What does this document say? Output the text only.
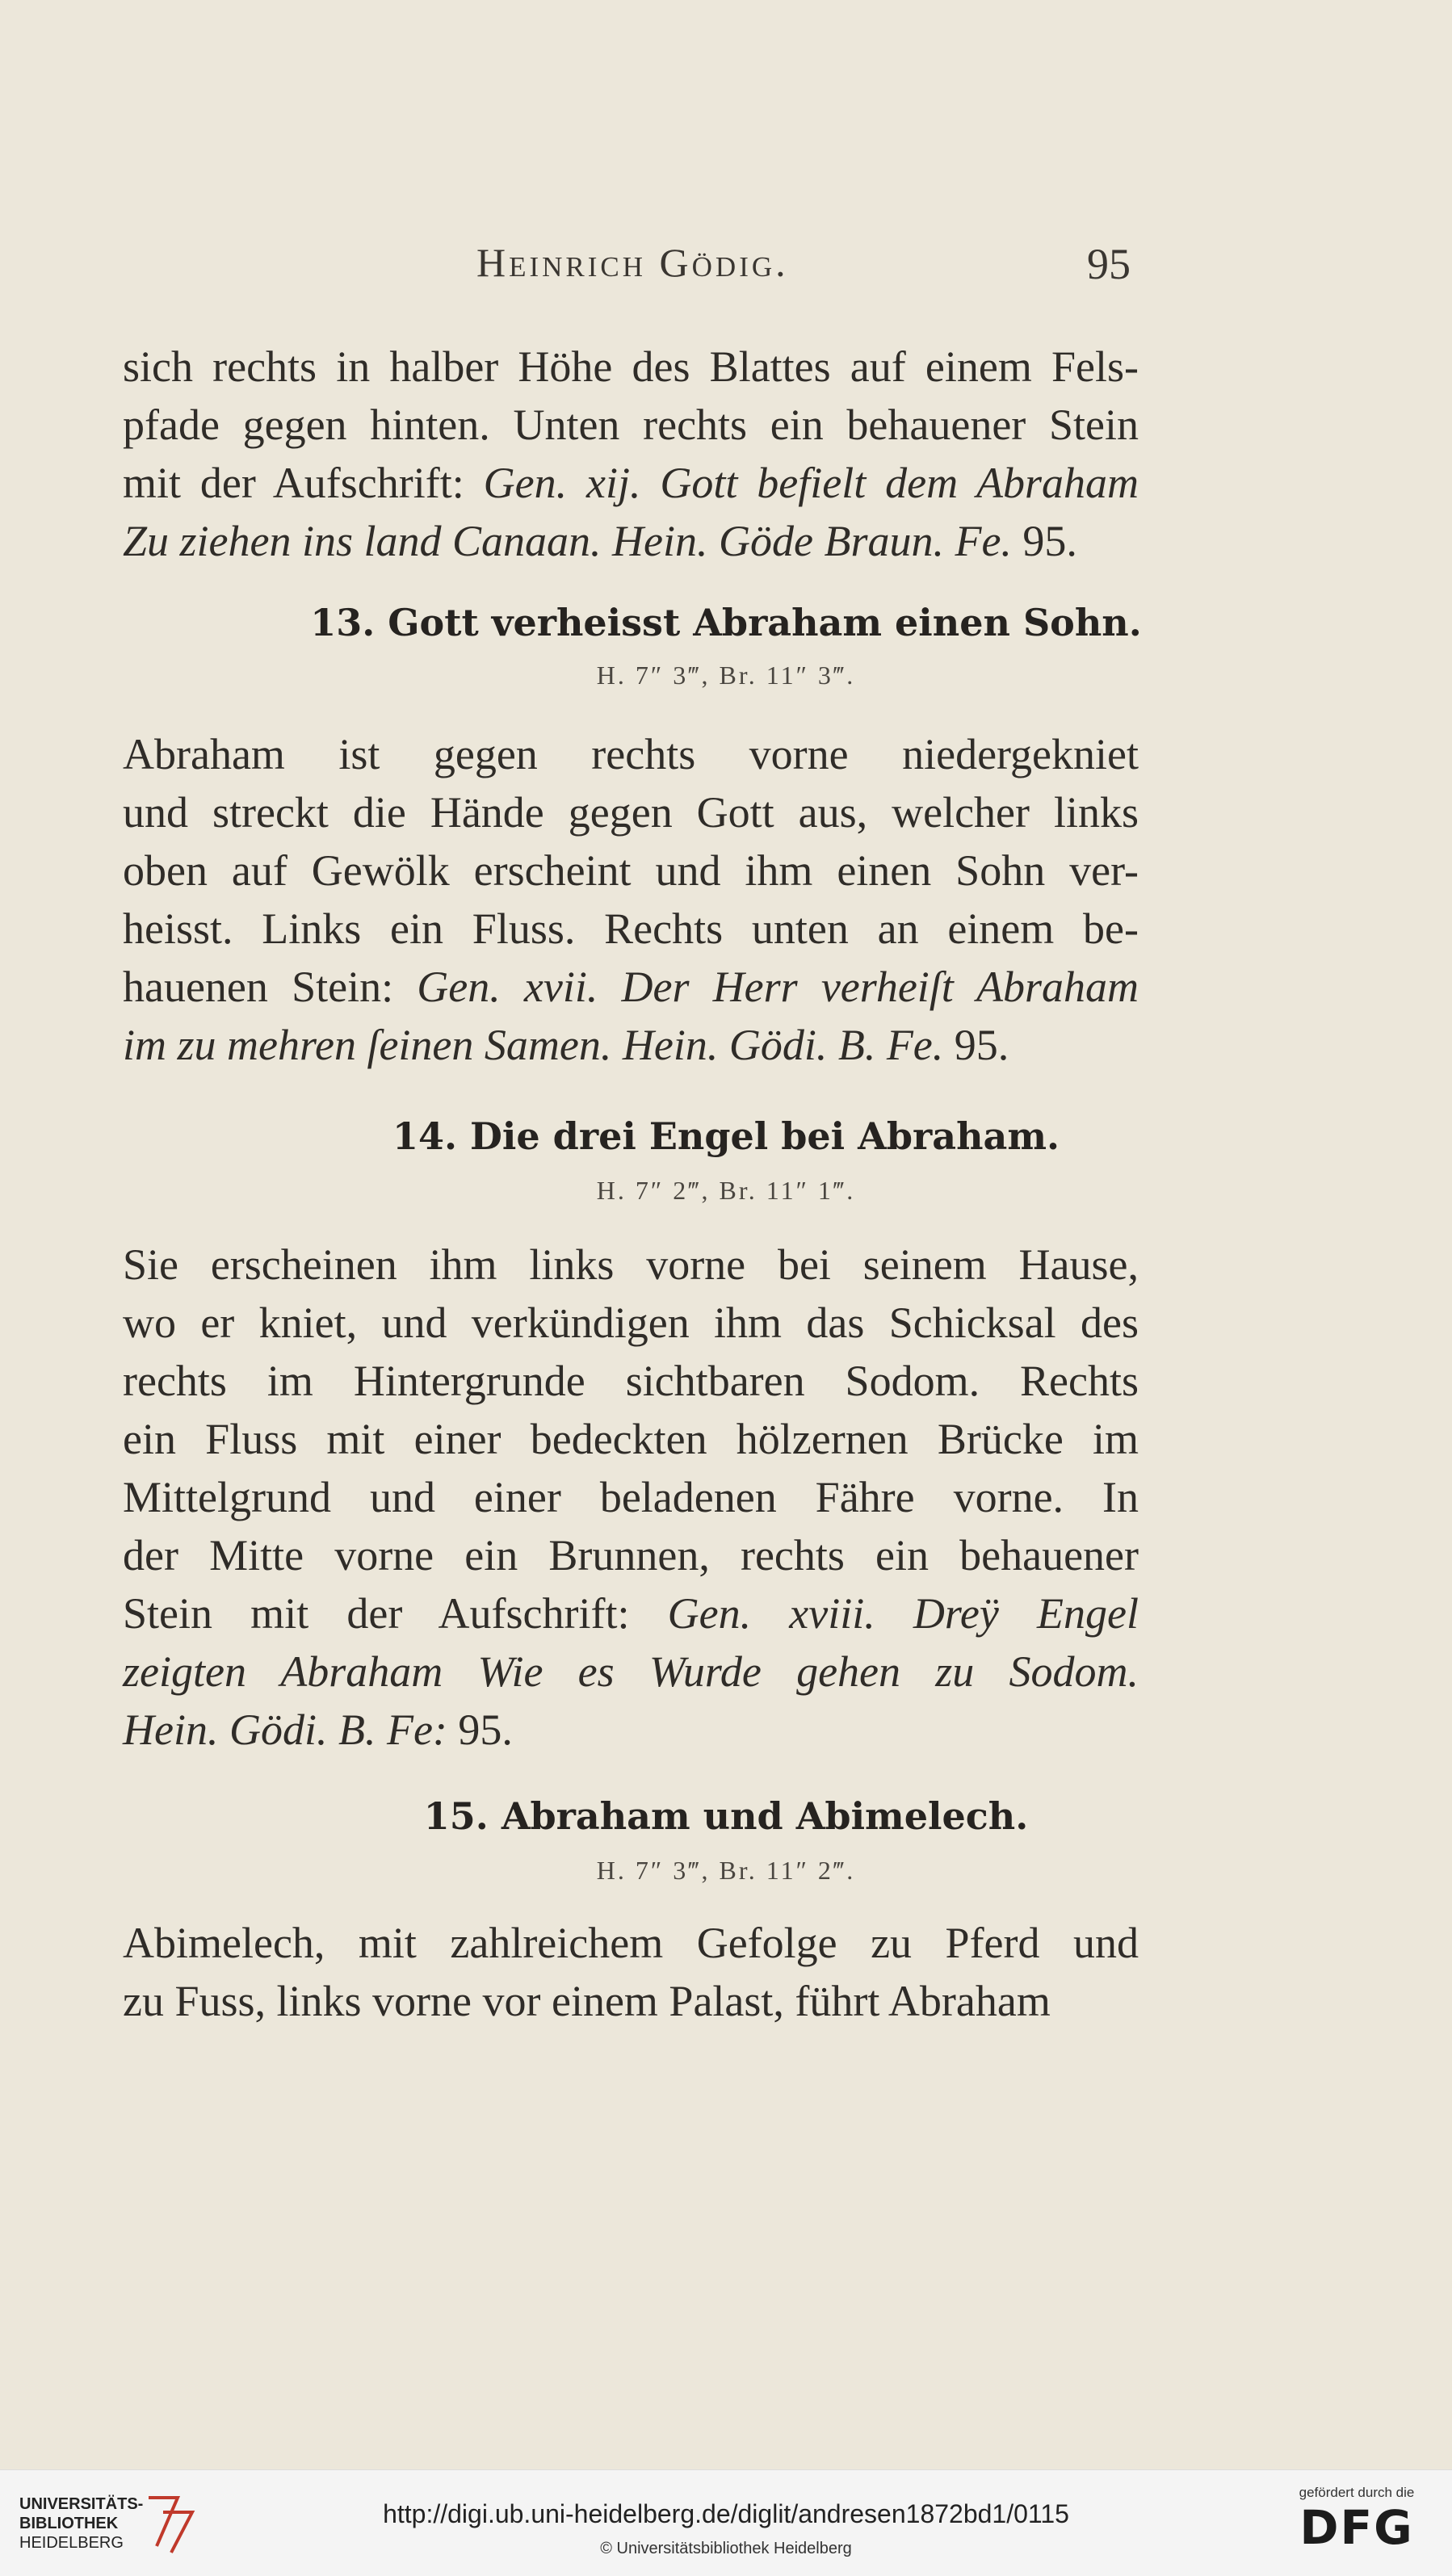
Heinrich Gödig.	95
sich rechts in halber Höhe des Blattes auf einem Fels-
pfade gegen hinten. Unten rechts ein behauener Stein
mit der Aufschrift: Gen. xij. Gott befielt dem Abraham
Zu ziehen ins land Canaan. Hein. Göde Braun. Fe. 95.
13. Gott verheisst Abraham einen Sohn.
H. 7″ 3‴, Br. 11″ 3‴.
Abraham ist gegen rechts vorne niedergekniet
und streckt die Hände gegen Gott aus, welcher links
oben auf Gewölk erscheint und ihm einen Sohn ver-
heisst. Links ein Fluss. Rechts unten an einem be-
hauenen Stein: Gen. xvii. Der Herr verheiſt Abraham
im zu mehren ſeinen Samen. Hein. Gödi. B. Fe. 95.
14. Die drei Engel bei Abraham.
H. 7″ 2‴, Br. 11″ 1‴.
Sie erscheinen ihm links vorne bei seinem Hause,
wo er kniet, und verkündigen ihm das Schicksal des
rechts im Hintergrunde sichtbaren Sodom. Rechts
ein Fluss mit einer bedeckten hölzernen Brücke im
Mittelgrund und einer beladenen Fähre vorne. In
der Mitte vorne ein Brunnen, rechts ein behauener
Stein mit der Aufschrift: Gen. xviii. Dreÿ Engel
zeigten Abraham Wie es Wurde gehen zu Sodom.
Hein. Gödi. B. Fe: 95.
15. Abraham und Abimelech.
H. 7″ 3‴, Br. 11″ 2‴.
Abimelech, mit zahlreichem Gefolge zu Pferd und
zu Fuss, links vorne vor einem Palast, führt Abraham
UNIVERSITÄTS-
BIBLIOTHEK
HEIDELBERG
http://digi.ub.uni-heidelberg.de/diglit/andresen1872bd1/0115
© Universitätsbibliothek Heidelberg
gefördert durch die
DFG
